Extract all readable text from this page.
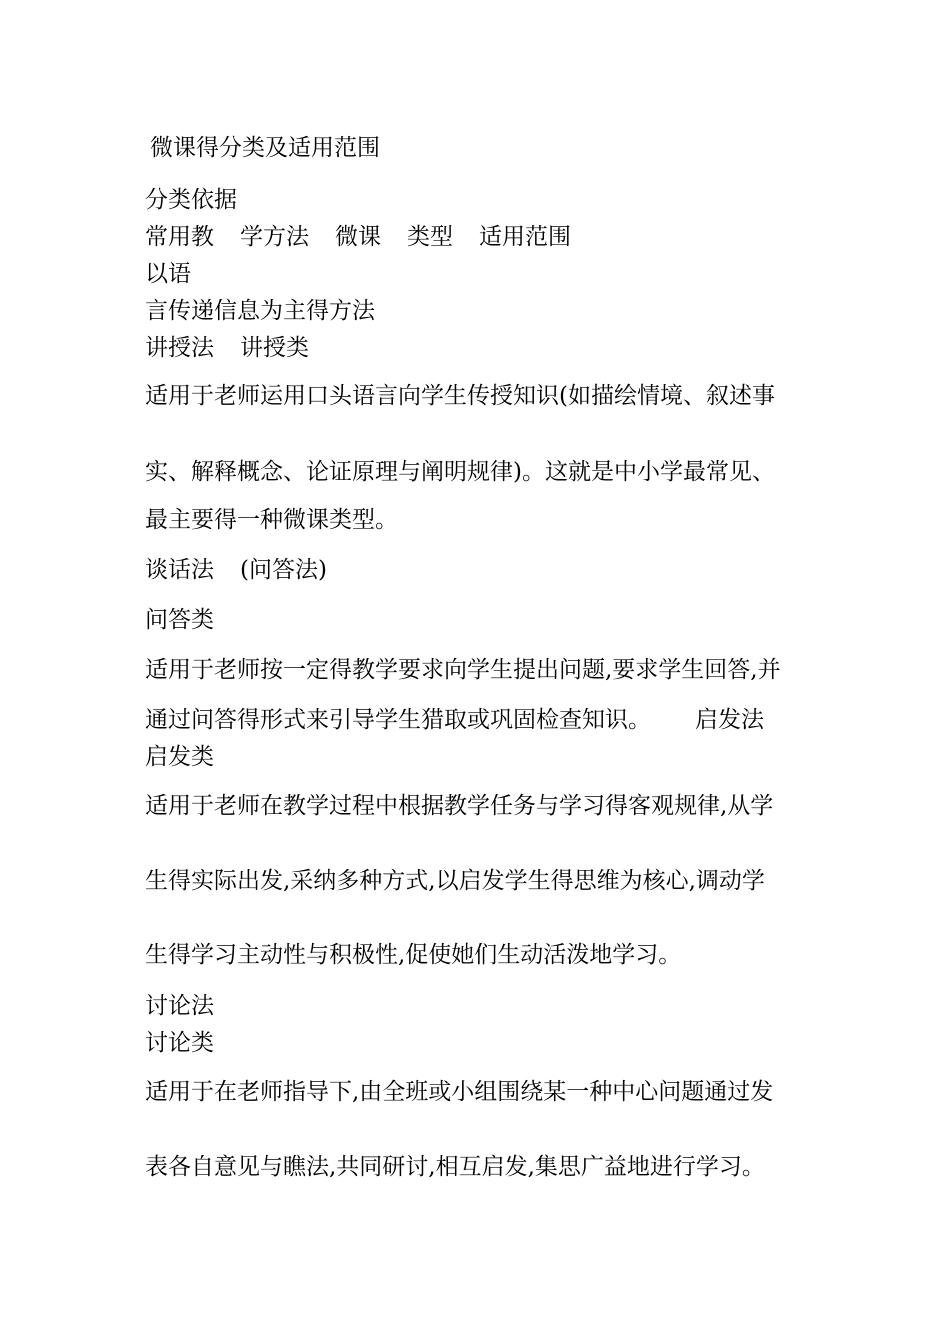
微课得分类及适用范围

分类依据

常用教 学方法 微课 类型 适用范围

以语

言传递信息为主得方法

讲授法 讲授类

适用于老师运用口头语言向学生传授知识(如描绘情境、叙述事

实、解释概念、论证原理与阐明规律)。这就是中小学最常见、

最主要得一种微课类型。

谈话法 (问答法)

问答类

适用于老师按一定得教学要求向学生提出问题,要求学生回答,并

通过问答得形式来引导学生猎取或巩固检查知识。 启发法

启发类

适用于老师在教学过程中根据教学任务与学习得客观规律,从学

生得实际出发,采纳多种方式,以启发学生得思维为核心,调动学

生得学习主动性与积极性,促使她们生动活泼地学习。

讨论法

讨论类

适用于在老师指导下,由全班或小组围绕某一种中心问题通过发

表各自意见与瞧法,共同研讨,相互启发,集思广益地进行学习。
